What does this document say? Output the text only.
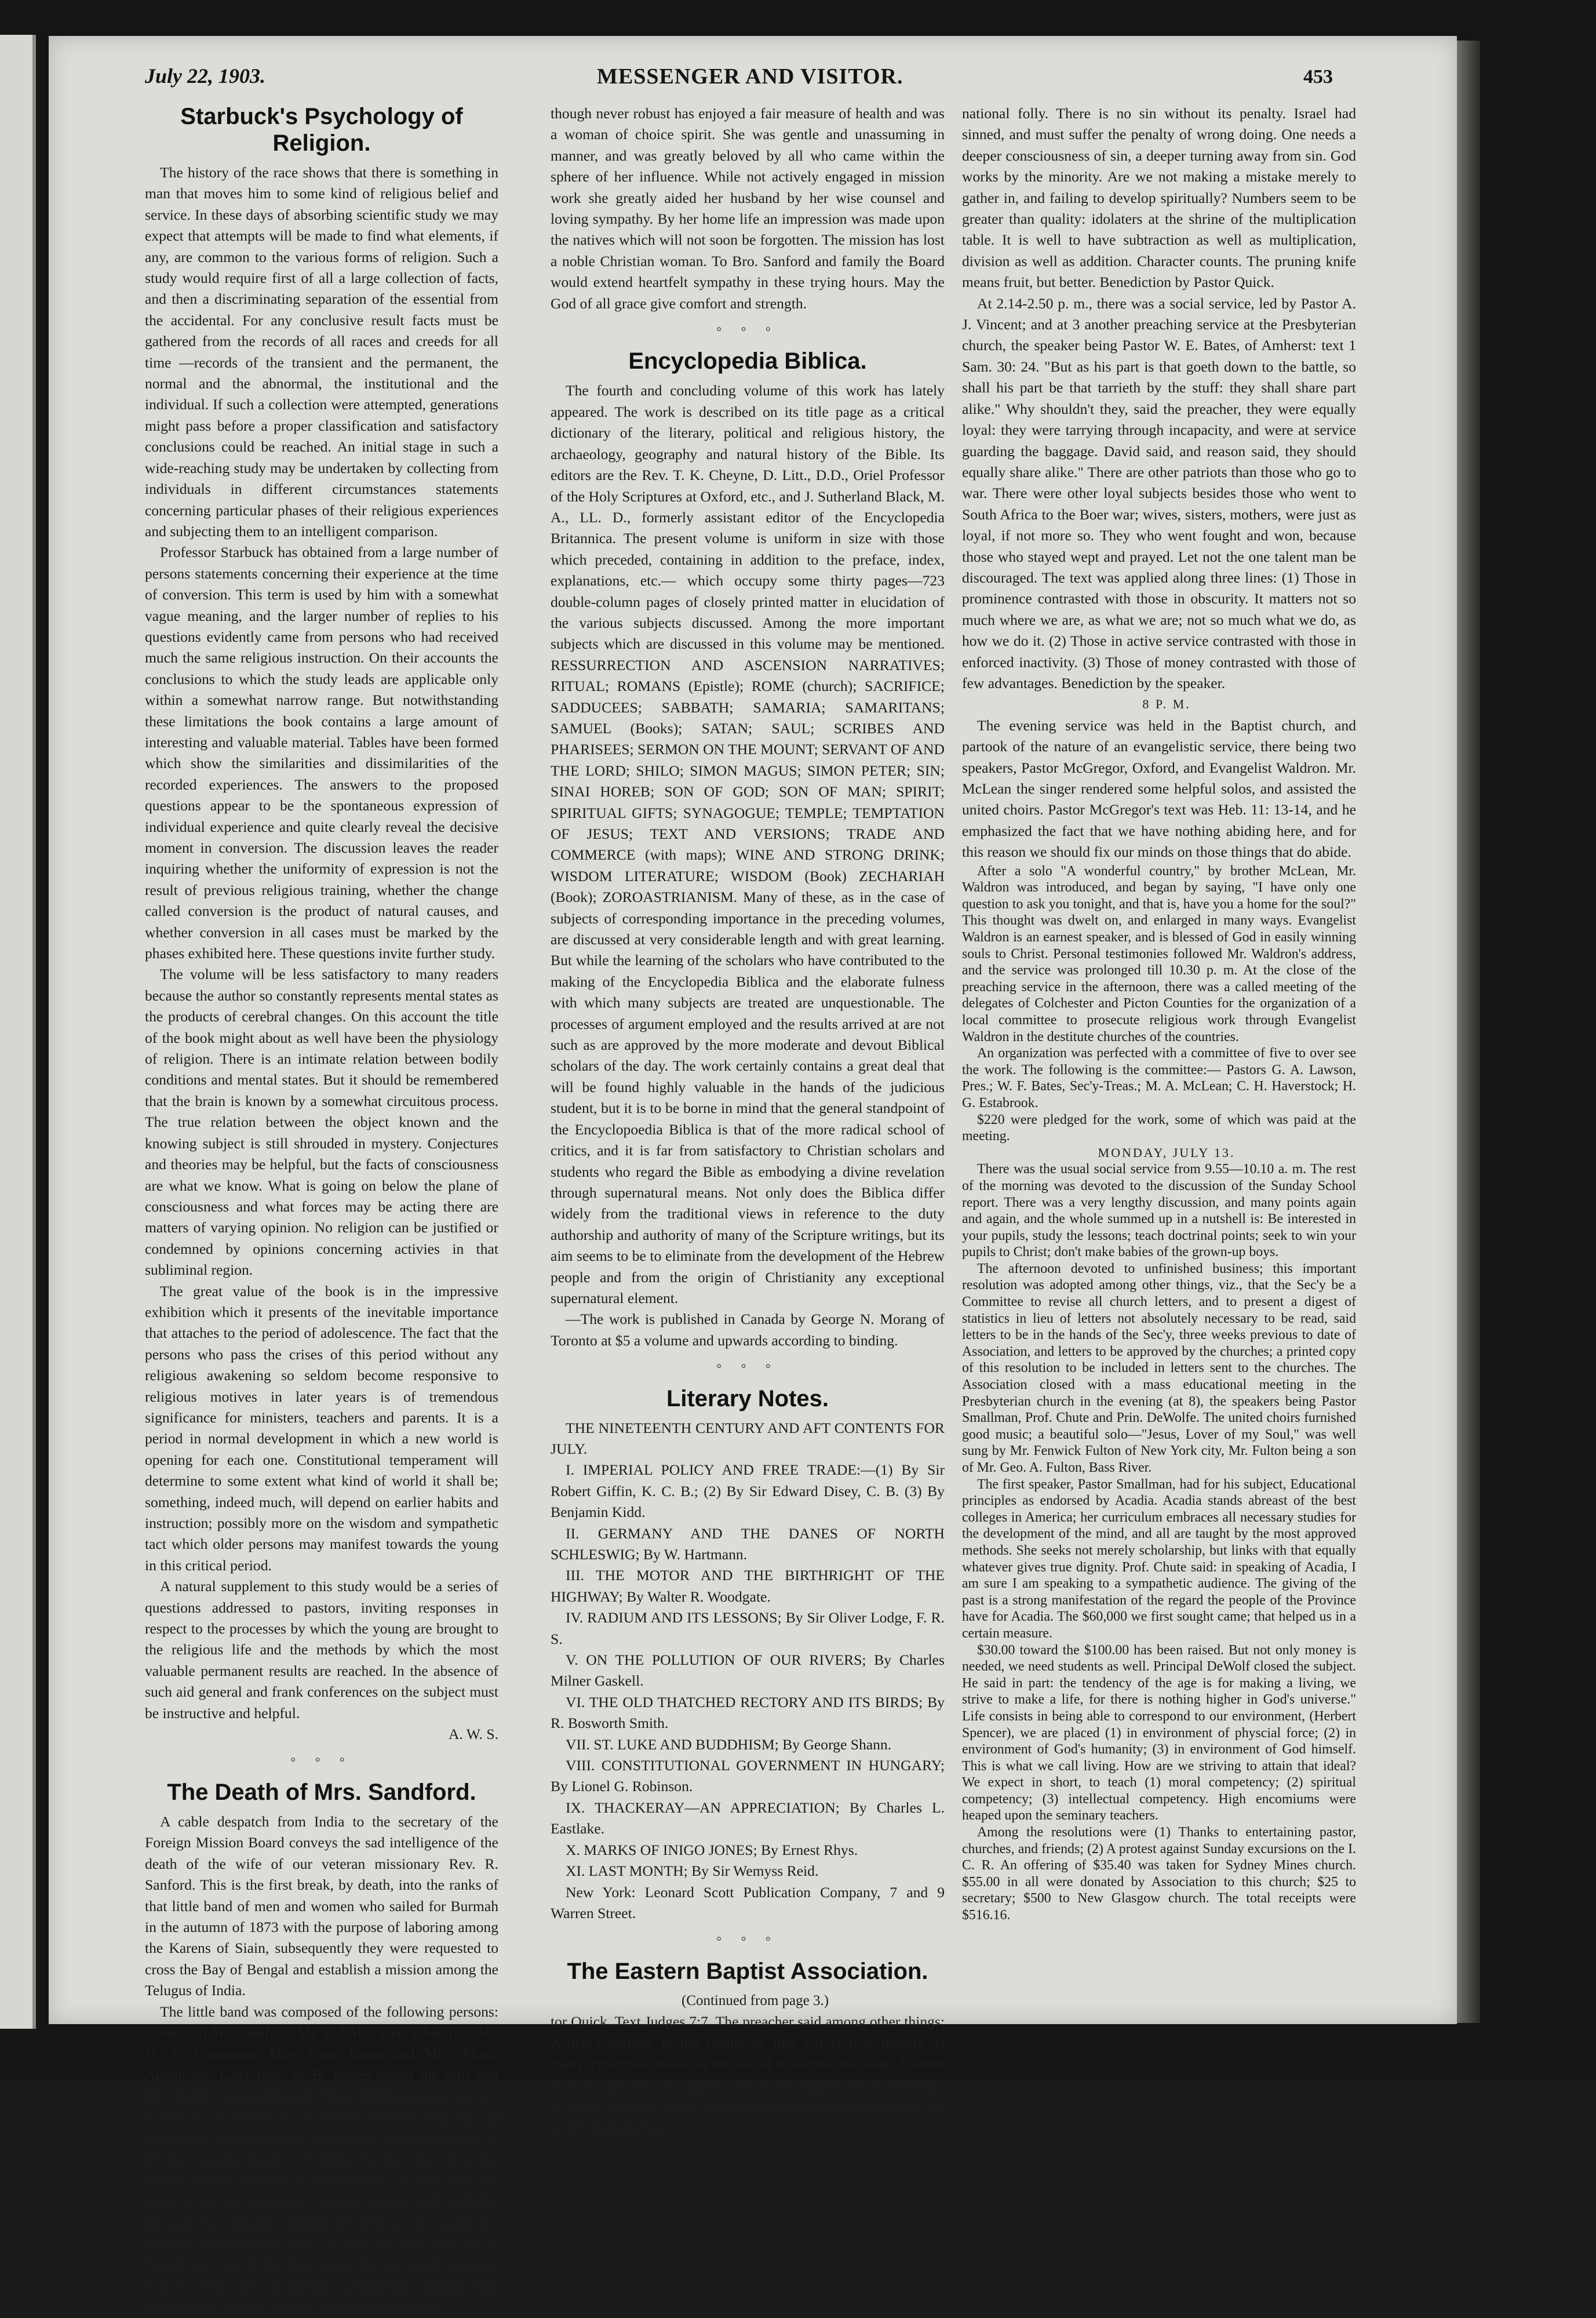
July 22, 1903.	MESSENGER AND VISITOR.	453
Starbuck's Psychology of Religion.

The history of the race shows that there is something in man that moves him to some kind of religious belief and service. In these days of absorbing scientific study we may expect that attempts will be made to find what elements, if any, are common to the various forms of religion. Such a study would require first of all a large collection of facts, and then a discriminating separation of the essential from the accidental. For any conclusive result facts must be gathered from the records of all races and creeds for all time —records of the transient and the permanent, the normal and the abnormal, the institutional and the individual. If such a collection were attempted, generations might pass before a proper classification and satisfactory conclusions could be reached. An initial stage in such a wide-reaching study may be undertaken by collecting from individuals in different circumstances statements concerning particular phases of their religious experiences and subjecting them to an intelligent comparison.

Professor Starbuck has obtained from a large number of persons statements concerning their experience at the time of conversion. This term is used by him with a somewhat vague meaning, and the larger number of replies to his questions evidently came from persons who had received much the same religious instruction. On their accounts the conclusions to which the study leads are applicable only within a somewhat narrow range. But notwithstanding these limitations the book contains a large amount of interesting and valuable material. Tables have been formed which show the similarities and dissimilarities of the recorded experiences. The answers to the proposed questions appear to be the spontaneous expression of individual experience and quite clearly reveal the decisive moment in conversion. The discussion leaves the reader inquiring whether the uniformity of expression is not the result of previous religious training, whether the change called conversion is the product of natural causes, and whether conversion in all cases must be marked by the phases exhibited here. These questions invite further study.

The volume will be less satisfactory to many readers because the author so constantly represents mental states as the products of cerebral changes. On this account the title of the book might about as well have been the physiology of religion. There is an intimate relation between bodily conditions and mental states. But it should be remembered that the brain is known by a somewhat circuitous process. The true relation between the object known and the knowing subject is still shrouded in mystery. Conjectures and theories may be helpful, but the facts of consciousness are what we know. What is going on below the plane of consciousness and what forces may be acting there are matters of varying opinion. No religion can be justified or condemned by opinions concerning activies in that subliminal region.

The great value of the book is in the impressive exhibition which it presents of the inevitable importance that attaches to the period of adolescence. The fact that the persons who pass the crises of this period without any religious awakening so seldom become responsive to religious motives in later years is of tremendous significance for ministers, teachers and parents. It is a period in normal development in which a new world is opening for each one. Constitutional temperament will determine to some extent what kind of world it shall be; something, indeed much, will depend on earlier habits and instruction; possibly more on the wisdom and sympathetic tact which older persons may manifest towards the young in this critical period.

A natural supplement to this study would be a series of questions addressed to pastors, inviting responses in respect to the processes by which the young are brought to the religious life and the methods by which the most valuable permanent results are reached. In the absence of such aid general and frank conferences on the subject must be instructive and helpful.

A. W. S.

° ° °
The Death of Mrs. Sandford.

A cable despatch from India to the secretary of the Foreign Mission Board conveys the sad intelligence of the death of the wife of our veteran missionary Rev. R. Sanford. This is the first break, by death, into the ranks of that little band of men and women who sailed for Burmah in the autumn of 1873 with the purpose of laboring among the Karens of Siain, subsequently they were requested to cross the Bay of Bengal and establish a mission among the Telugus of India.

The little band was composed of the following persons: —Mr. and Mrs. Sanford, Mr. and Mrs. Geo. Churchill, Mr. W. F. Armstrong, Miss Flora Eaton and Miss Maria Armstrong. Later Rev. W. B. Boggs joined the staff and Miss Eaton became his wife. Miss Armstrong was married to Rev. G. F. Currie of the Ontario Mission. Through all these years the ranks of this little band remained unbroken. Of the original group all remain to this day in active service either at home or abroad. Mrs. Currie after the death of her husband never returned to her work in India. Dr. and Mrs. Boggs continue their labors in connection with the Missionary Union, as also Mr. and Mrs. W. F. Armstrong. God in His Providence has graciously watched over our little mission and has wonderfully sustained the missionaries in their arduous labors. Mrs. Sanford

though never robust has enjoyed a fair measure of health and was a woman of choice spirit. She was gentle and unassuming in manner, and was greatly beloved by all who came within the sphere of her influence. While not actively engaged in mission work she greatly aided her husband by her wise counsel and loving sympathy. By her home life an impression was made upon the natives which will not soon be forgotten. The mission has lost a noble Christian woman. To Bro. Sanford and family the Board would extend heartfelt sympathy in these trying hours. May the God of all grace give comfort and strength.

° ° °
Encyclopedia Biblica.

The fourth and concluding volume of this work has lately appeared. The work is described on its title page as a critical dictionary of the literary, political and religious history, the archaeology, geography and natural history of the Bible. Its editors are the Rev. T. K. Cheyne, D. Litt., D.D., Oriel Professor of the Holy Scriptures at Oxford, etc., and J. Sutherland Black, M. A., LL. D., formerly assistant editor of the Encyclopedia Britannica. The present volume is uniform in size with those which preceded, containing in addition to the preface, index, explanations, etc.— which occupy some thirty pages—723 double-column pages of closely printed matter in elucidation of the various subjects discussed. Among the more important subjects which are discussed in this volume may be mentioned. RESSURRECTION AND ASCENSION NARRATIVES; RITUAL; ROMANS (Epistle); ROME (church); SACRIFICE; SADDUCEES; SABBATH; SAMARIA; SAMARITANS; SAMUEL (Books); SATAN; SAUL; SCRIBES AND PHARISEES; SERMON ON THE MOUNT; SERVANT OF AND THE LORD; SHILO; SIMON MAGUS; SIMON PETER; SIN; SINAI HOREB; SON OF GOD; SON OF MAN; SPIRIT; SPIRITUAL GIFTS; SYNAGOGUE; TEMPLE; TEMPTATION OF JESUS; TEXT AND VERSIONS; TRADE AND COMMERCE (with maps); WINE AND STRONG DRINK; WISDOM LITERATURE; WISDOM (Book) ZECHARIAH (Book); ZOROASTRIANISM. Many of these, as in the case of subjects of corresponding importance in the preceding volumes, are discussed at very considerable length and with great learning. But while the learning of the scholars who have contributed to the making of the Encyclopedia Biblica and the elaborate fulness with which many subjects are treated are unquestionable. The processes of argument employed and the results arrived at are not such as are approved by the more moderate and devout Biblical scholars of the day. The work certainly contains a great deal that will be found highly valuable in the hands of the judicious student, but it is to be borne in mind that the general standpoint of the Encyclopoedia Biblica is that of the more radical school of critics, and it is far from satisfactory to Christian scholars and students who regard the Bible as embodying a divine revelation through supernatural means. Not only does the Biblica differ widely from the traditional views in reference to the duty authorship and authority of many of the Scripture writings, but its aim seems to be to eliminate from the development of the Hebrew people and from the origin of Christianity any exceptional supernatural element.

—The work is published in Canada by George N. Morang of Toronto at $5 a volume and upwards according to binding.

° ° °
Literary Notes.

THE NINETEENTH CENTURY AND AFT CONTENTS FOR JULY.

I. IMPERIAL POLICY AND FREE TRADE:—(1) By Sir Robert Giffin, K. C. B.; (2) By Sir Edward Disey, C. B. (3) By Benjamin Kidd.

II. GERMANY AND THE DANES OF NORTH SCHLESWIG; By W. Hartmann.

III. THE MOTOR AND THE BIRTHRIGHT OF THE HIGHWAY; By Walter R. Woodgate.

IV. RADIUM AND ITS LESSONS; By Sir Oliver Lodge, F. R. S.

V. ON THE POLLUTION OF OUR RIVERS; By Charles Milner Gaskell.

VI. THE OLD THATCHED RECTORY AND ITS BIRDS; By R. Bosworth Smith.

VII. ST. LUKE AND BUDDHISM; By George Shann.

VIII. CONSTITUTIONAL GOVERNMENT IN HUNGARY; By Lionel G. Robinson.

IX. THACKERAY—AN APPRECIATION; By Charles L. Eastlake.

X. MARKS OF INIGO JONES; By Ernest Rhys.

XI. LAST MONTH; By Sir Wemyss Reid.

New York: Leonard Scott Publication Company, 7 and 9 Warren Street.

° ° °
The Eastern Baptist Association.

(Continued from page 3.)

tor Quick. Text Judges 7:7. The preacher said among other things: A man's purpose in life should be like a river that, despite its many tributaries, flows on and on till it reaches the ocean. Gideon was a man with a purpose not easily turned aside. God had promised victory. 32,000 men would reflect man's glory; the 300 God's. National sin is

national folly. There is no sin without its penalty. Israel had sinned, and must suffer the penalty of wrong doing. One needs a deeper consciousness of sin, a deeper turning away from sin. God works by the minority. Are we not making a mistake merely to gather in, and failing to develop spiritually? Numbers seem to be greater than quality: idolaters at the shrine of the multiplication table. It is well to have subtraction as well as multiplication, division as well as addition. Character counts. The pruning knife means fruit, but better. Benediction by Pastor Quick.

At 2.14-2.50 p. m., there was a social service, led by Pastor A. J. Vincent; and at 3 another preaching service at the Presbyterian church, the speaker being Pastor W. E. Bates, of Amherst: text 1 Sam. 30: 24. "But as his part is that goeth down to the battle, so shall his part be that tarrieth by the stuff: they shall share part alike." Why shouldn't they, said the preacher, they were equally loyal: they were tarrying through incapacity, and were at service guarding the baggage. David said, and reason said, they should equally share alike." There are other patriots than those who go to war. There were other loyal subjects besides those who went to South Africa to the Boer war; wives, sisters, mothers, were just as loyal, if not more so. They who went fought and won, because those who stayed wept and prayed. Let not the one talent man be discouraged. The text was applied along three lines: (1) Those in prominence contrasted with those in obscurity. It matters not so much where we are, as what we are; not so much what we do, as how we do it. (2) Those in active service contrasted with those in enforced inactivity. (3) Those of money contrasted with those of few advantages. Benediction by the speaker.

8 P. M.

The evening service was held in the Baptist church, and partook of the nature of an evangelistic service, there being two speakers, Pastor McGregor, Oxford, and Evangelist Waldron. Mr. McLean the singer rendered some helpful solos, and assisted the united choirs. Pastor McGregor's text was Heb. 11: 13-14, and he emphasized the fact that we have nothing abiding here, and for this reason we should fix our minds on those things that do abide.

After a solo "A wonderful country," by brother McLean, Mr. Waldron was introduced, and began by saying, "I have only one question to ask you tonight, and that is, have you a home for the soul?" This thought was dwelt on, and enlarged in many ways. Evangelist Waldron is an earnest speaker, and is blessed of God in easily winning souls to Christ. Personal testimonies followed Mr. Waldron's address, and the service was prolonged till 10.30 p. m. At the close of the preaching service in the afternoon, there was a called meeting of the delegates of Colchester and Picton Counties for the organization of a local committee to prosecute religious work through Evangelist Waldron in the destitute churches of the countries.

An organization was perfected with a committee of five to over see the work. The following is the committee:— Pastors G. A. Lawson, Pres.; W. F. Bates, Sec'y-Treas.; M. A. McLean; C. H. Haverstock; H. G. Estabrook.

$220 were pledged for the work, some of which was paid at the meeting.

MONDAY, JULY 13.

There was the usual social service from 9.55—10.10 a. m. The rest of the morning was devoted to the discussion of the Sunday School report. There was a very lengthy discussion, and many points again and again, and the whole summed up in a nutshell is: Be interested in your pupils, study the lessons; teach doctrinal points; seek to win your pupils to Christ; don't make babies of the grown-up boys.

The afternoon devoted to unfinished business; this important resolution was adopted among other things, viz., that the Sec'y be a Committee to revise all church letters, and to present a digest of statistics in lieu of letters not absolutely necessary to be read, said letters to be in the hands of the Sec'y, three weeks previous to date of Association, and letters to be approved by the churches; a printed copy of this resolution to be included in letters sent to the churches. The Association closed with a mass educational meeting in the Presbyterian church in the evening (at 8), the speakers being Pastor Smallman, Prof. Chute and Prin. DeWolfe. The united choirs furnished good music; a beautiful solo—"Jesus, Lover of my Soul," was well sung by Mr. Fenwick Fulton of New York city, Mr. Fulton being a son of Mr. Geo. A. Fulton, Bass River.

The first speaker, Pastor Smallman, had for his subject, Educational principles as endorsed by Acadia. Acadia stands abreast of the best colleges in America; her curriculum embraces all necessary studies for the development of the mind, and all are taught by the most approved methods. She seeks not merely scholarship, but links with that equally whatever gives true dignity. Prof. Chute said: in speaking of Acadia, I am sure I am speaking to a sympathetic audience. The giving of the past is a strong manifestation of the regard the people of the Province have for Acadia. The $60,000 we first sought came; that helped us in a certain measure.

$30.00 toward the $100.00 has been raised. But not only money is needed, we need students as well. Principal DeWolf closed the subject. He said in part: the tendency of the age is for making a living, we strive to make a life, for there is nothing higher in God's universe." Life consists in being able to correspond to our environment, (Herbert Spencer), we are placed (1) in environment of physcial force; (2) in environment of God's humanity; (3) in environment of God himself. This is what we call living. How are we striving to attain that ideal? We expect in short, to teach (1) moral competency; (2) spiritual competency; (3) intellectual competency. High encomiums were heaped upon the seminary teachers.

Among the resolutions were (1) Thanks to entertaining pastor, churches, and friends; (2) A protest against Sunday excursions on the I. C. R. An offering of $35.40 was taken for Sydney Mines church. $55.00 in all were donated by Association to this church; $25 to secretary; $500 to New Glasgow church. The total receipts were $516.16.
